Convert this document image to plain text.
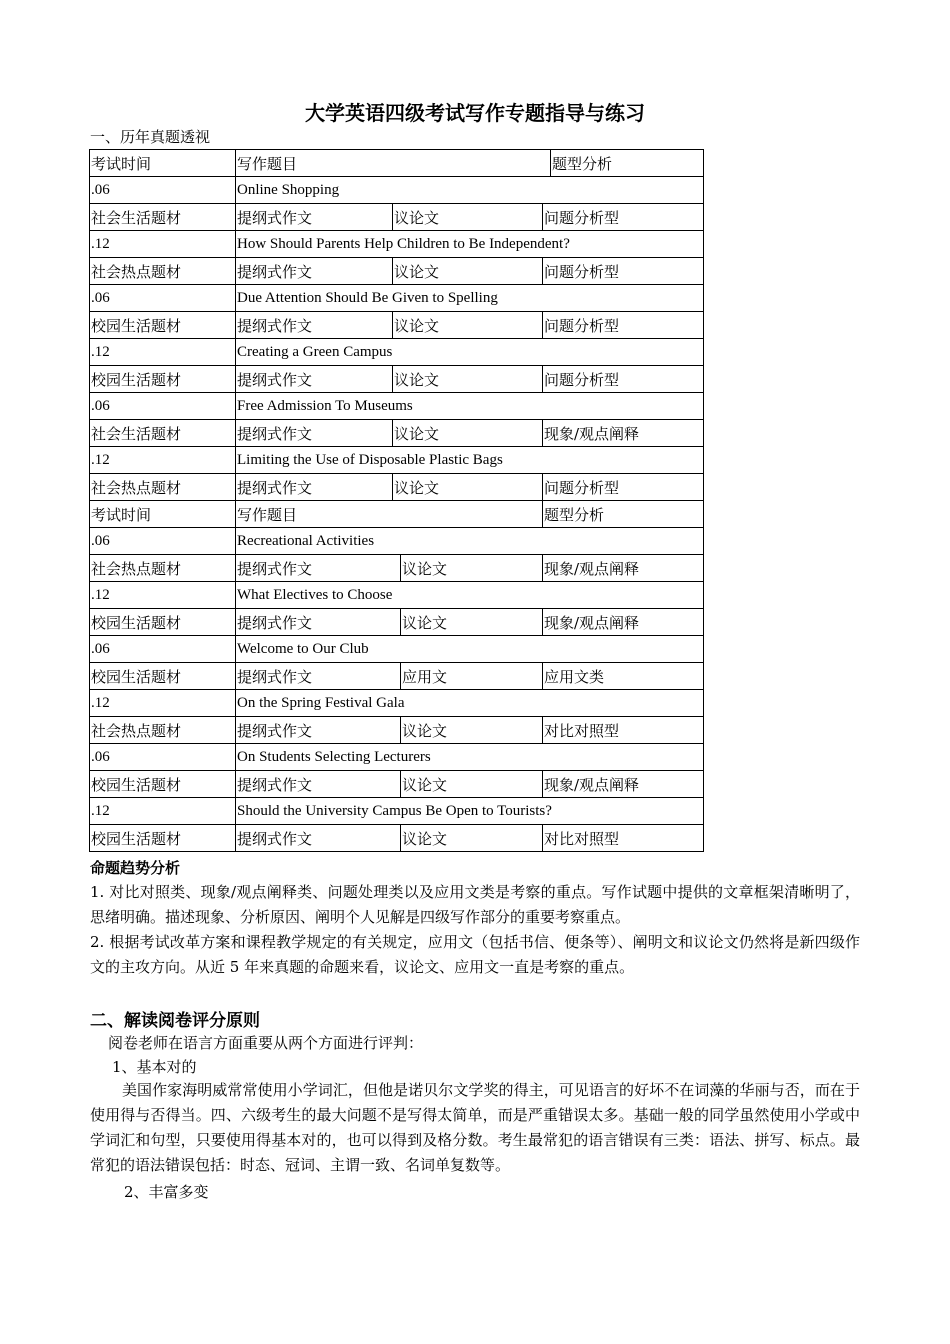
大学英语四级考试写作专题指导与练习
一、历年真题透视
考试时间	写作题目				题型分析
.06	Online Shopping				
社会生活题材	提纲式作文	议论文		问题分析型	
.12	How Should Parents Help Children to Be Independent?				
社会热点题材	提纲式作文	议论文		问题分析型	
.06	Due Attention Should Be Given to Spelling				
校园生活题材	提纲式作文	议论文		问题分析型	
.12	Creating a Green Campus				
校园生活题材	提纲式作文	议论文		问题分析型	
.06	Free Admission To Museums				
社会生活题材	提纲式作文	议论文		现象/观点阐释	
.12	Limiting the Use of Disposable Plastic Bags				
社会热点题材	提纲式作文	议论文		问题分析型	
考试时间	写作题目			题型分析	
.06	Recreational Activities				
社会热点题材	提纲式作文		议论文	现象/观点阐释	
.12	What Electives to Choose				
校园生活题材	提纲式作文		议论文	现象/观点阐释	
.06	Welcome to Our Club				
校园生活题材	提纲式作文		应用文	应用文类	
.12	On the Spring Festival Gala				
社会热点题材	提纲式作文		议论文	对比对照型	
.06	On Students Selecting Lecturers				
校园生活题材	提纲式作文		议论文	现象/观点阐释	
.12	Should the University Campus Be Open to Tourists?				
校园生活题材	提纲式作文		议论文	对比对照型	
命题趋势分析
1. 对比对照类、现象/观点阐释类、问题处理类以及应用文类是考察的重点。写作试题中提供的文章框架清晰明了，思绪明确。描述现象、分析原因、阐明个人见解是四级写作部分的重要考察重点。
2. 根据考试改革方案和课程教学规定的有关规定，应用文（包括书信、便条等）、阐明文和议论文仍然将是新四级作文的主攻方向。从近 5 年来真题的命题来看，议论文、应用文一直是考察的重点。
二、解读阅卷评分原则
阅卷老师在语言方面重要从两个方面进行评判：
1、基本对的
美国作家海明威常常使用小学词汇，但他是诺贝尔文学奖的得主，可见语言的好坏不在词藻的华丽与否，而在于使用得与否得当。四、六级考生的最大问题不是写得太简单，而是严重错误太多。基础一般的同学虽然使用小学或中学词汇和句型，只要使用得基本对的，也可以得到及格分数。考生最常犯的语言错误有三类：语法、拼写、标点。最常犯的语法错误包括：时态、冠词、主谓一致、名词单复数等。
2、丰富多变
